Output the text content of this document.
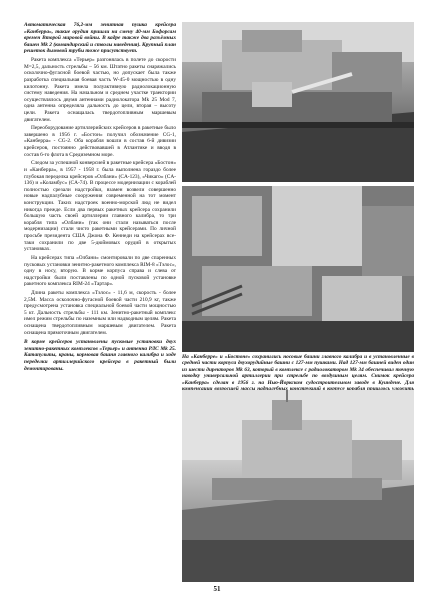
Автоматическая 76,2-мм зенитная пушка крейсера «Канберра», такие орудия пришли на смену 40-мм Бофорсам времен Второй мировой войны. В кадре также два разъёмных башен Mk 2 (командирский и стволы наведения). Крупный план решеток дымовой трубы тоже присутствует.

Ракета комплекса «Терьер» разгонялась в полете до скорости M=2,5, дальность стрельбы – 56 км. Штатно ракеты снаряжались осколочно-фугасной боевой частью, но допускает была также разработка специальная боевая часть W-45-0 мощностью в одну килотонну. Ракета имела полуактивную радиолокационную систему наведения. На начальном и среднем участке траектории осуществлялось двумя антеннами радиолокатора Mk 25 Mod 7, одна антенна определяла дальность до цели, вторая – высоту цели. Ракета оснащалась твердотопливным маршевым двигателем.

Переоборудование артиллерийских крейсеров в ракетные было завершено в 1956 г. «Бостон» получил обозначение CG-1, «Канберра» - CG-2. Оба корабля вошли в состав 6-й дивизии крейсеров, постоянно действовавшей в Атлантике и вводя в состав 6-го флота в Средиземном море.

Следом за успешной конверсией в ракетные крейсера «Бостон» и «Канберра», в 1957 - 1958 г. была выполнена гораздо более глубокая переделка крейсеров «Олбани» (CA-123), «Чикаго» (CA-136) и «Коламбус» (CA-74). В процессе модернизации с кораблей полностью срезали надстройки, взамен возвели совершенно новые надпалубные сооружения современной на тот момент конструкции. Таких надстроек военно-морской люд не видел никогда прежде. Если два первых ракетных крейсера сохранили большую часть своей артиллерии главного калибра, то три корабля типа «Олбани» (так они стали называться после модернизации) стали чисто ракетными крейсерами. По личной просьбе президента США Джона Ф. Кеннеди на крейсерах все-таки сохранили по две 5-дюймовых орудий в открытых установках.

На крейсерах типа «Олбани» смонтировали по две спаренных пусковых установки зенитно-ракетного комплекса RIM-8 «Тэлос», одну в носу, вторую. В корме корпуса справа и слева от надстройки были поставлены по одной пусковой установке ракетного комплекса RIM-24 «Тартар».

Длина ракеты комплекса «Тэлос» - 11,6 м, скорость - более 2,5M. Масса осколочно-фугасной боевой части 210,9 кг, также предусмотрена установка специальной боевой части мощностью 5 кт. Дальность стрельбы - 111 км. Зенитно-ракетный комплекс имел режим стрельбы по наземным или надводным целям. Ракета оснащена твердотопливным маршевым двигателем. Ракета оснащена прямоточным двигателем.

В корме крейсеров установлены пусковые установки двух зенитно-ракетных комплексов «Терьер» и антенна РЛС Mk 25. Катапульты, краны, кормовая башня главного калибра и ходе переделки артиллерийского крейсера в ракетный были демонтированы.

На «Канберре» и «Бостоне» сохранились носовые башни главного калибра и в установленные в средней части корпуса двухорудийные башни с 127-мм пушками. Над 127-мм башней виден один из шести директоров Mk 63, который в комплексе с радиолокатором Mk 34 обеспечивал точную наводку универсальной артиллерии при стрельбе по воздушным целям. Снимок крейсера «Канберра» сделан в 1956 г. на Нью-Йоркском судостроительном заводе в Куиндене. Для
51
